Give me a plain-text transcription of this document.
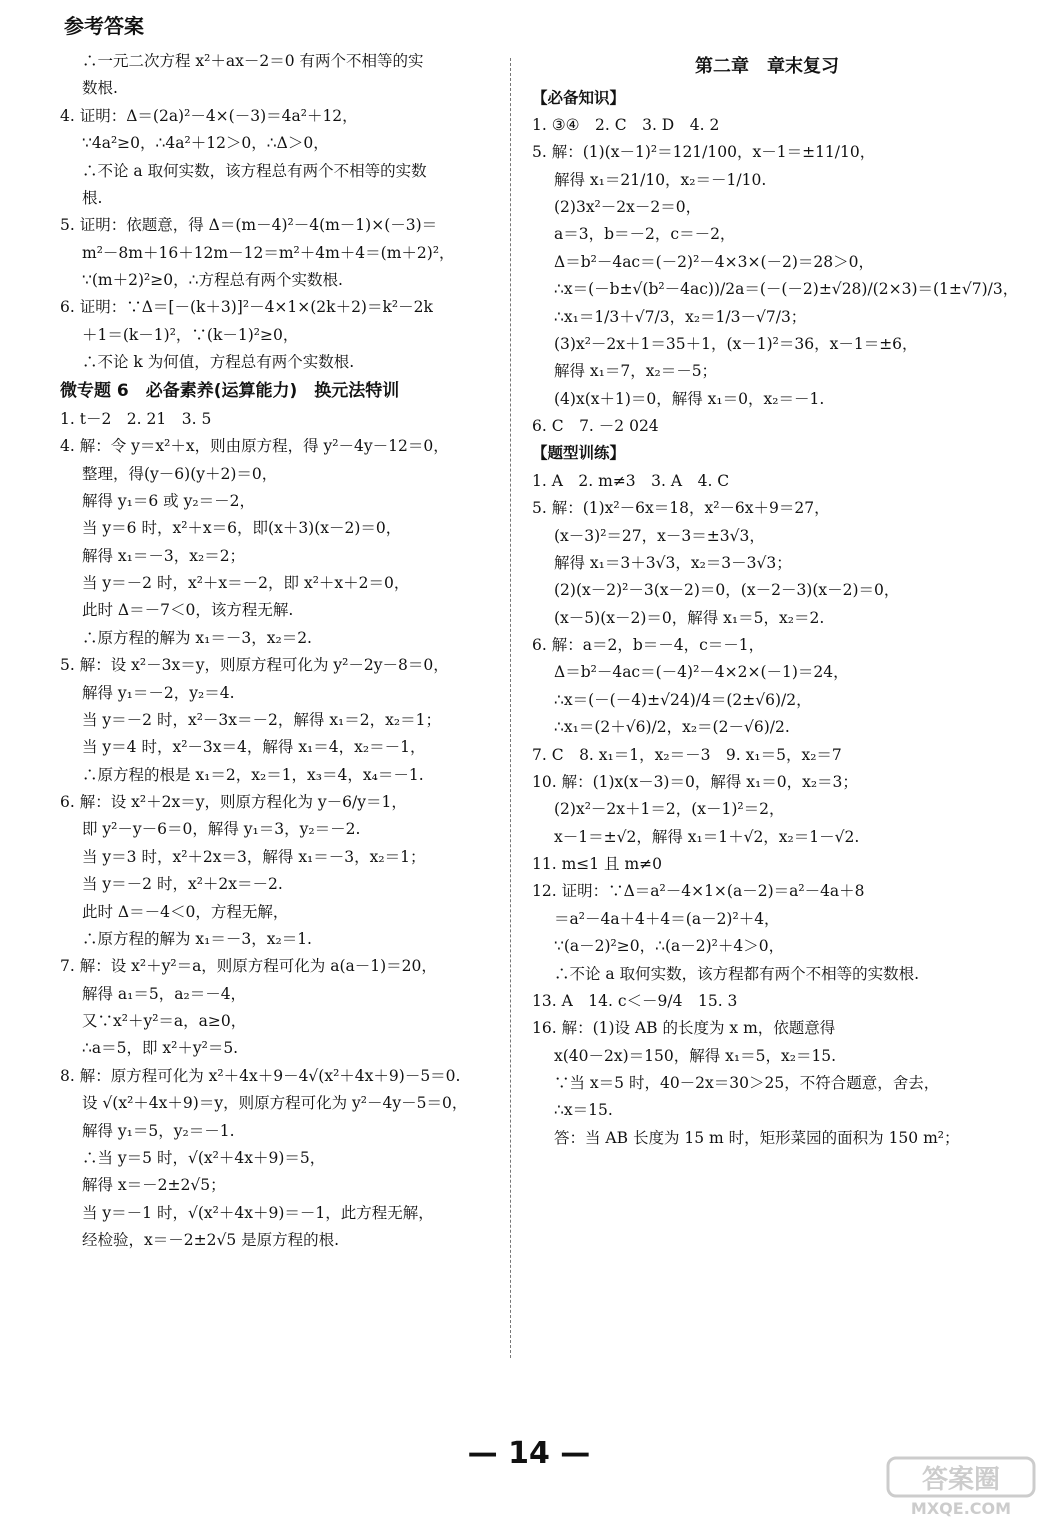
参考答案
∴一元二次方程 x²＋ax－2＝0 有两个不相等的实
数根.
4. 证明：Δ＝(2a)²－4×(－3)＝4a²＋12，
∵4a²≥0，∴4a²＋12＞0，∴Δ＞0，
∴不论 a 取何实数，该方程总有两个不相等的实数
根.
5. 证明：依题意，得 Δ＝(m－4)²－4(m－1)×(－3)＝
m²－8m＋16＋12m－12＝m²＋4m＋4＝(m＋2)²，
∵(m＋2)²≥0，∴方程总有两个实数根.
6. 证明：∵Δ＝[－(k＋3)]²－4×1×(2k＋2)＝k²－2k
＋1＝(k－1)²，∵(k－1)²≥0，
∴不论 k 为何值，方程总有两个实数根.
微专题 6　必备素养(运算能力)　换元法特训
1. t－2　2. 21　3. 5
4. 解：令 y＝x²＋x，则由原方程，得 y²－4y－12＝0，
整理，得(y－6)(y＋2)＝0，
解得 y₁＝6 或 y₂＝－2，
当 y＝6 时，x²＋x＝6，即(x＋3)(x－2)＝0，
解得 x₁＝－3，x₂＝2；
当 y＝－2 时，x²＋x＝－2，即 x²＋x＋2＝0，
此时 Δ＝－7＜0，该方程无解.
∴原方程的解为 x₁＝－3，x₂＝2.
5. 解：设 x²－3x＝y，则原方程可化为 y²－2y－8＝0，
解得 y₁＝－2，y₂＝4.
当 y＝－2 时，x²－3x＝－2，解得 x₁＝2，x₂＝1；
当 y＝4 时，x²－3x＝4，解得 x₁＝4，x₂＝－1，
∴原方程的根是 x₁＝2，x₂＝1，x₃＝4，x₄＝－1.
6. 解：设 x²＋2x＝y，则原方程化为 y－6/y＝1，
即 y²－y－6＝0，解得 y₁＝3，y₂＝－2.
当 y＝3 时，x²＋2x＝3，解得 x₁＝－3，x₂＝1；
当 y＝－2 时，x²＋2x＝－2.
此时 Δ＝－4＜0，方程无解，
∴原方程的解为 x₁＝－3，x₂＝1.
7. 解：设 x²＋y²＝a，则原方程可化为 a(a－1)＝20，
解得 a₁＝5，a₂＝－4，
又∵x²＋y²＝a，a≥0，
∴a＝5，即 x²＋y²＝5.
8. 解：原方程可化为 x²＋4x＋9－4√(x²＋4x＋9)－5＝0.
设 √(x²＋4x＋9)＝y，则原方程可化为 y²－4y－5＝0，
解得 y₁＝5，y₂＝－1.
∴当 y＝5 时，√(x²＋4x＋9)＝5，
解得 x＝－2±2√5；
当 y＝－1 时，√(x²＋4x＋9)＝－1，此方程无解，
经检验，x＝－2±2√5 是原方程的根.
第二章　章末复习
【必备知识】
1. ③④　2. C　3. D　4. 2
5. 解：(1)(x－1)²＝121/100，x－1＝±11/10，
解得 x₁＝21/10，x₂＝－1/10.
(2)3x²－2x－2＝0，
a＝3，b＝－2，c＝－2，
Δ＝b²－4ac＝(－2)²－4×3×(－2)＝28＞0，
∴x＝(－b±√(b²－4ac))/2a＝(－(－2)±√28)/(2×3)＝(1±√7)/3，
∴x₁＝1/3＋√7/3，x₂＝1/3－√7/3；
(3)x²－2x＋1＝35＋1，(x－1)²＝36，x－1＝±6，
解得 x₁＝7，x₂＝－5；
(4)x(x＋1)＝0，解得 x₁＝0，x₂＝－1.
6. C　7. －2 024
【题型训练】
1. A　2. m≠3　3. A　4. C
5. 解：(1)x²－6x＝18，x²－6x＋9＝27，
(x－3)²＝27，x－3＝±3√3，
解得 x₁＝3＋3√3，x₂＝3－3√3；
(2)(x－2)²－3(x－2)＝0，(x－2－3)(x－2)＝0，
(x－5)(x－2)＝0，解得 x₁＝5，x₂＝2.
6. 解：a＝2，b＝－4，c＝－1，
Δ＝b²－4ac＝(－4)²－4×2×(－1)＝24，
∴x＝(－(－4)±√24)/4＝(2±√6)/2，
∴x₁＝(2＋√6)/2，x₂＝(2－√6)/2.
7. C　8. x₁＝1，x₂＝－3　9. x₁＝5，x₂＝7
10. 解：(1)x(x－3)＝0，解得 x₁＝0，x₂＝3；
(2)x²－2x＋1＝2，(x－1)²＝2，
x－1＝±√2，解得 x₁＝1＋√2，x₂＝1－√2.
11. m≤1 且 m≠0
12. 证明：∵Δ＝a²－4×1×(a－2)＝a²－4a＋8
＝a²－4a＋4＋4＝(a－2)²＋4，
∵(a－2)²≥0，∴(a－2)²＋4＞0，
∴不论 a 取何实数，该方程都有两个不相等的实数根.
13. A　14. c＜－9/4　15. 3
16. 解：(1)设 AB 的长度为 x m，依题意得
x(40－2x)＝150，解得 x₁＝5，x₂＝15.
∵当 x＝5 时，40－2x＝30＞25，不符合题意，舍去，
∴x＝15.
答：当 AB 长度为 15 m 时，矩形菜园的面积为 150 m²；
— 14 —
答案圈
MXQE.COM
